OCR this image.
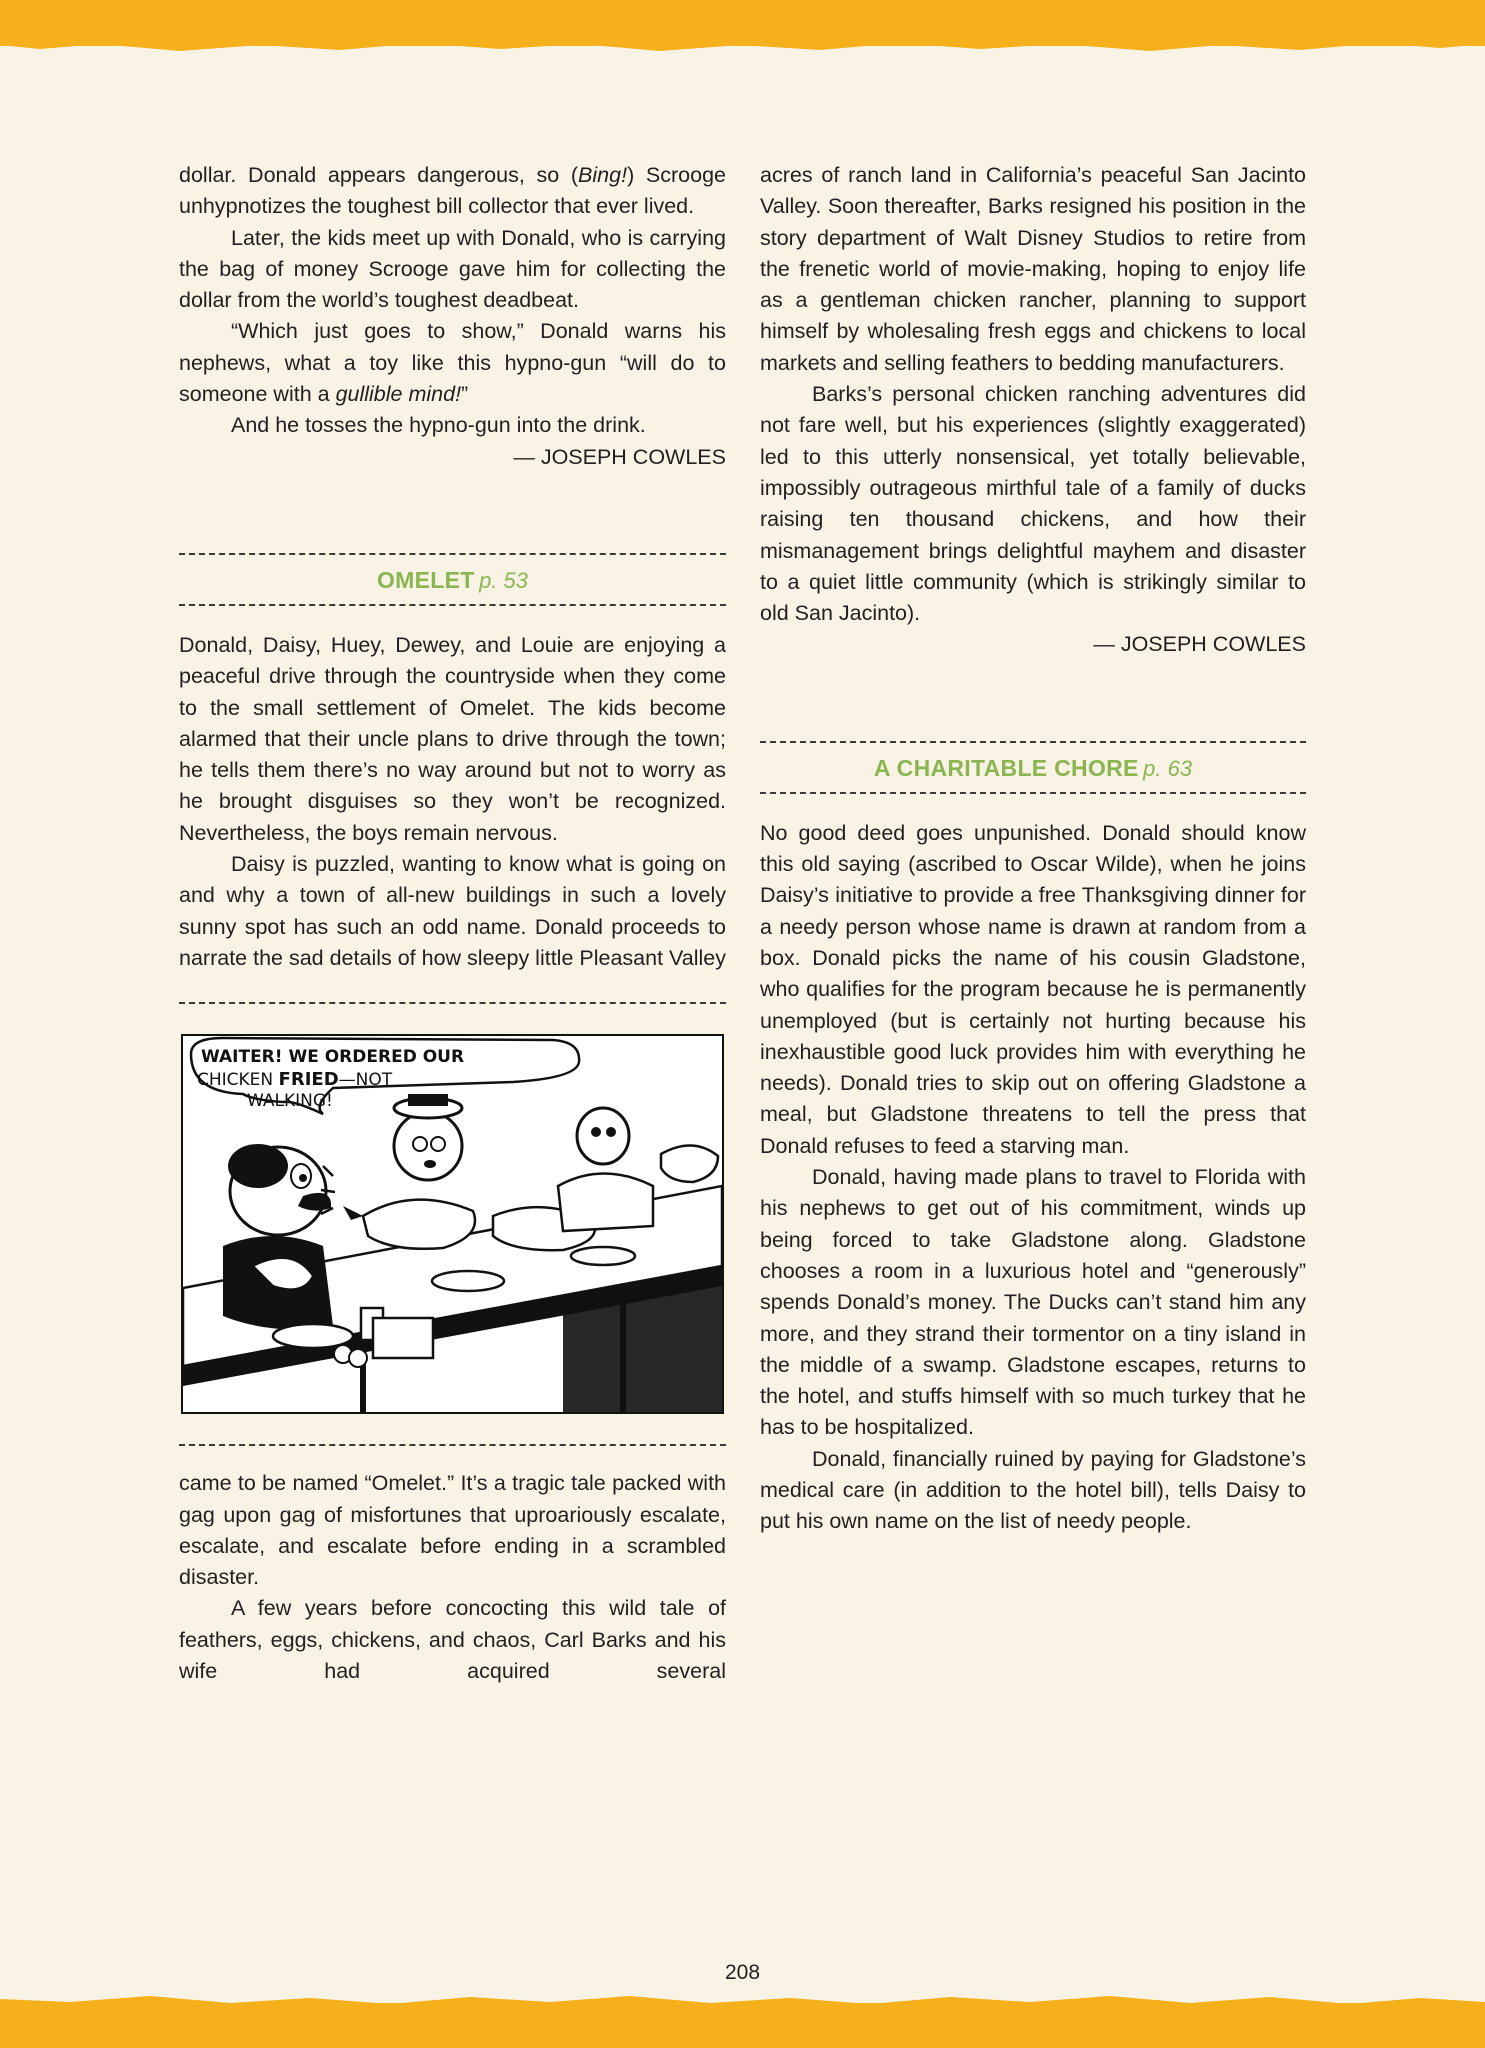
dollar. Donald appears dangerous, so (Bing!) Scrooge unhypnotizes the toughest bill collector that ever lived.

Later, the kids meet up with Donald, who is carrying the bag of money Scrooge gave him for collecting the dollar from the world’s toughest deadbeat.

“Which just goes to show,” Donald warns his nephews, what a toy like this hypno-gun “will do to someone with a gullible mind!”

And he tosses the hypno-gun into the drink.

— JOSEPH COWLES

OMELET p. 53

Donald, Daisy, Huey, Dewey, and Louie are enjoying a peaceful drive through the countryside when they come to the small settlement of Omelet. The kids become alarmed that their uncle plans to drive through the town; he tells them there’s no way around but not to worry as he brought disguises so they won’t be recognized. Nevertheless, the boys remain nervous.

Daisy is puzzled, wanting to know what is going on and why a town of all-new buildings in such a lovely sunny spot has such an odd name. Donald proceeds to narrate the sad details of how sleepy little Pleasant Valley

WAITER! WE ORDERED OUR
CHICKEN FRIED—NOT
WALKING!

came to be named “Omelet.” It’s a tragic tale packed with gag upon gag of misfortunes that uproariously escalate, escalate, and escalate before ending in a scrambled disaster.

A few years before concocting this wild tale of feathers, eggs, chickens, and chaos, Carl Barks and his wife had acquired several

acres of ranch land in California’s peaceful San Jacinto Valley. Soon thereafter, Barks resigned his position in the story department of Walt Disney Studios to retire from the frenetic world of movie-making, hoping to enjoy life as a gentleman chicken rancher, planning to support himself by wholesaling fresh eggs and chickens to local markets and selling feathers to bedding manufacturers.

Barks’s personal chicken ranching adventures did not fare well, but his experiences (slightly exaggerated) led to this utterly nonsensical, yet totally believable, impossibly outrageous mirthful tale of a family of ducks raising ten thousand chickens, and how their mismanagement brings delightful mayhem and disaster to a quiet little community (which is strikingly similar to old San Jacinto).

— JOSEPH COWLES

A CHARITABLE CHORE p. 63

No good deed goes unpunished. Donald should know this old saying (ascribed to Oscar Wilde), when he joins Daisy’s initiative to provide a free Thanksgiving dinner for a needy person whose name is drawn at random from a box. Donald picks the name of his cousin Gladstone, who qualifies for the program because he is permanently unemployed (but is certainly not hurting because his inexhaustible good luck provides him with everything he needs). Donald tries to skip out on offering Gladstone a meal, but Gladstone threatens to tell the press that Donald refuses to feed a starving man.

Donald, having made plans to travel to Florida with his nephews to get out of his commitment, winds up being forced to take Gladstone along. Gladstone chooses a room in a luxurious hotel and “generously” spends Donald’s money. The Ducks can’t stand him any more, and they strand their tormentor on a tiny island in the middle of a swamp. Gladstone escapes, returns to the hotel, and stuffs himself with so much turkey that he has to be hospitalized.

Donald, financially ruined by paying for Gladstone’s medical care (in addition to the hotel bill), tells Daisy to put his own name on the list of needy people.

208
